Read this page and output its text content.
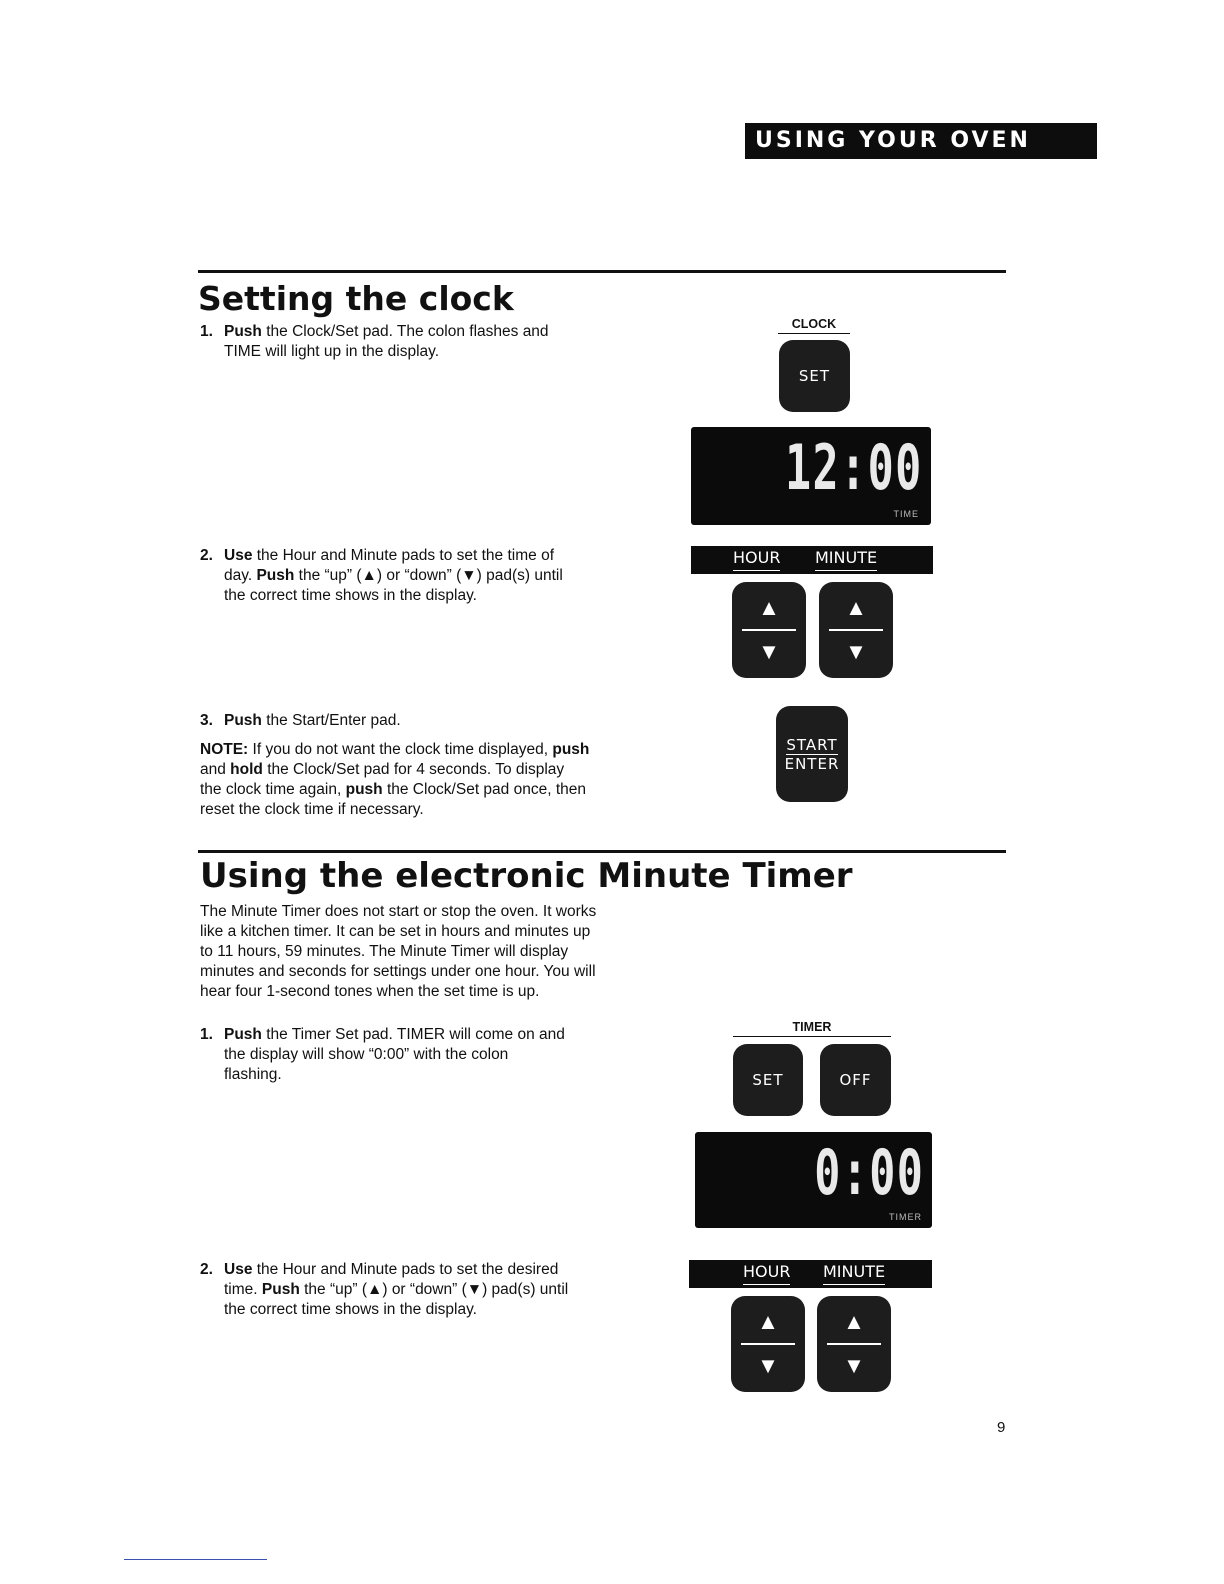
USING YOUR OVEN
Setting the clock
1. Push the Clock/Set pad. The colon flashes and TIME will light up in the display.
2. Use the Hour and Minute pads to set the time of day. Push the “up” (▲) or “down” (▼) pad(s) until the correct time shows in the display.
3. Push the Start/Enter pad.
NOTE: If you do not want the clock time displayed, push and hold the Clock/Set pad for 4 seconds. To display the clock time again, push the Clock/Set pad once, then reset the clock time if necessary.
CLOCK
SET
12:00
TIME
HOUR MINUTE
▲
▼
▲
▼
START
ENTER
Using the electronic Minute Timer
The Minute Timer does not start or stop the oven. It works like a kitchen timer. It can be set in hours and minutes up to 11 hours, 59 minutes. The Minute Timer will display minutes and seconds for settings under one hour. You will hear four 1-second tones when the set time is up.
1. Push the Timer Set pad. TIMER will come on and the display will show “0:00” with the colon flashing.
2. Use the Hour and Minute pads to set the desired time. Push the “up” (▲) or “down” (▼) pad(s) until the correct time shows in the display.
TIMER
SET	OFF
0:00
TIMER
HOUR MINUTE
▲
▼
▲
▼
9
